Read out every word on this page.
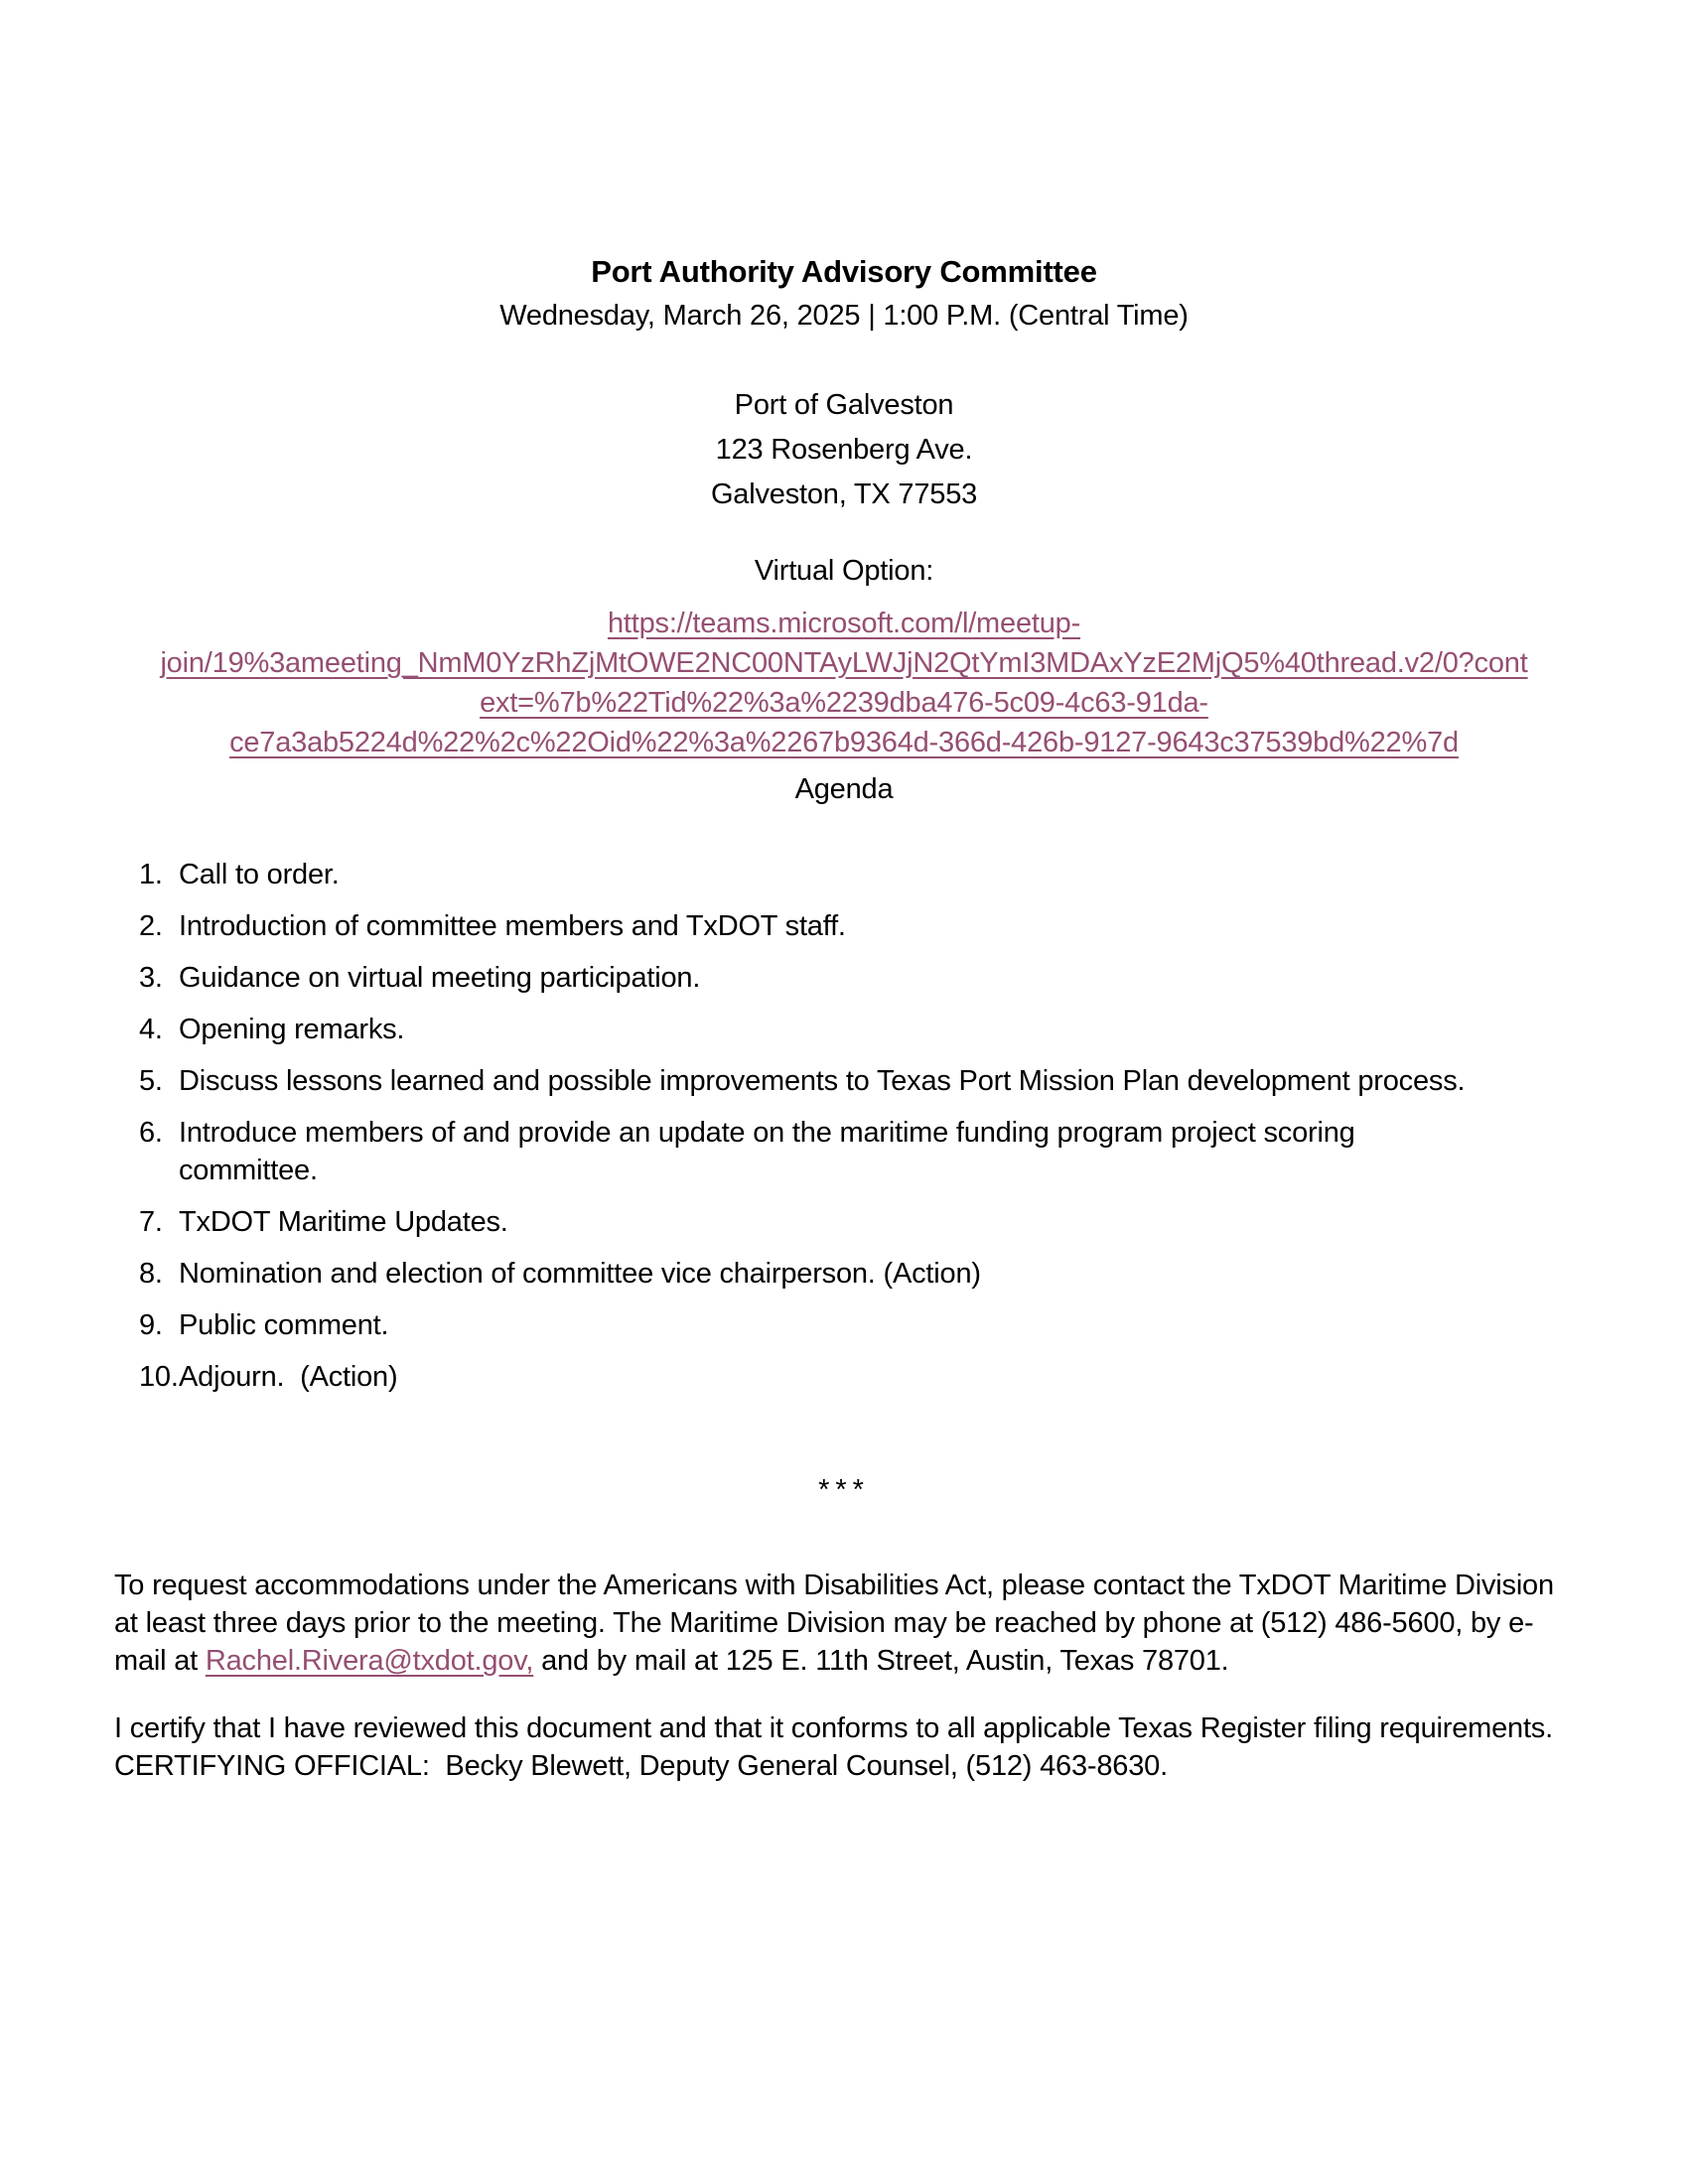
Port Authority Advisory Committee
Wednesday, March 26, 2025 | 1:00 P.M. (Central Time)
Port of Galveston
123 Rosenberg Ave.
Galveston, TX 77553
Virtual Option:
https://teams.microsoft.com/l/meetup-
join/19%3ameeting_NmM0YzRhZjMtOWE2NC00NTAyLWJjN2QtYmI3MDAxYzE2MjQ5%40thread.v2/0?cont
ext=%7b%22Tid%22%3a%2239dba476-5c09-4c63-91da-
ce7a3ab5224d%22%2c%22Oid%22%3a%2267b9364d-366d-426b-9127-9643c37539bd%22%7d
Agenda
1. Call to order.
2. Introduction of committee members and TxDOT staff.
3. Guidance on virtual meeting participation.
4. Opening remarks.
5. Discuss lessons learned and possible improvements to Texas Port Mission Plan development process.
6. Introduce members of and provide an update on the maritime funding program project scoring committee.
7. TxDOT Maritime Updates.
8. Nomination and election of committee vice chairperson. (Action)
9. Public comment.
10. Adjourn.  (Action)
***

To request accommodations under the Americans with Disabilities Act, please contact the TxDOT Maritime Division at least three days prior to the meeting. The Maritime Division may be reached by phone at (512) 486-5600, by e-mail at Rachel.Rivera@txdot.gov, and by mail at 125 E. 11th Street, Austin, Texas 78701.

I certify that I have reviewed this document and that it conforms to all applicable Texas Register filing requirements.
CERTIFYING OFFICIAL:  Becky Blewett, Deputy General Counsel, (512) 463-8630.
